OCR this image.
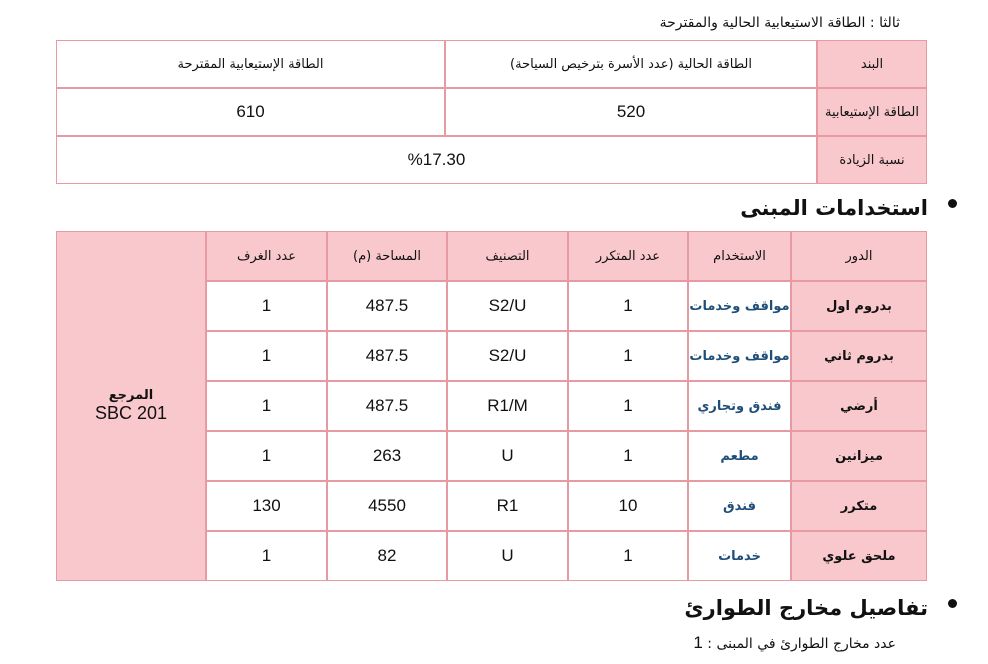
ثالثا : الطاقة الاستيعابية الحالية والمقترحة
البند	الطاقة الحالية (عدد الأسرة بترخيص السياحة)	الطاقة الإستيعابية المقترحة
الطاقة الإستيعابية	520	610
نسبة الزيادة	%17.30	
استخدامات المبنى
الدور	الاستخدام	عدد المتكرر	التصنيف	المساحة (م)	عدد الغرف	المرجع
SBC 201

بدروم اول	مواقف وخدمات	1	S2/U	487.5	1	
بدروم ثاني	مواقف وخدمات	1	S2/U	487.5	1	
أرضي	فندق وتجاري	1	R1/M	487.5	1	
ميزانين	مطعم	1	U	263	1	
متكرر	فندق	10	R1	4550	130	
ملحق علوي	خدمات	1	U	82	1	
تفاصيل مخارج الطوارئ
عدد مخارج الطوارئ في المبنى : 1
